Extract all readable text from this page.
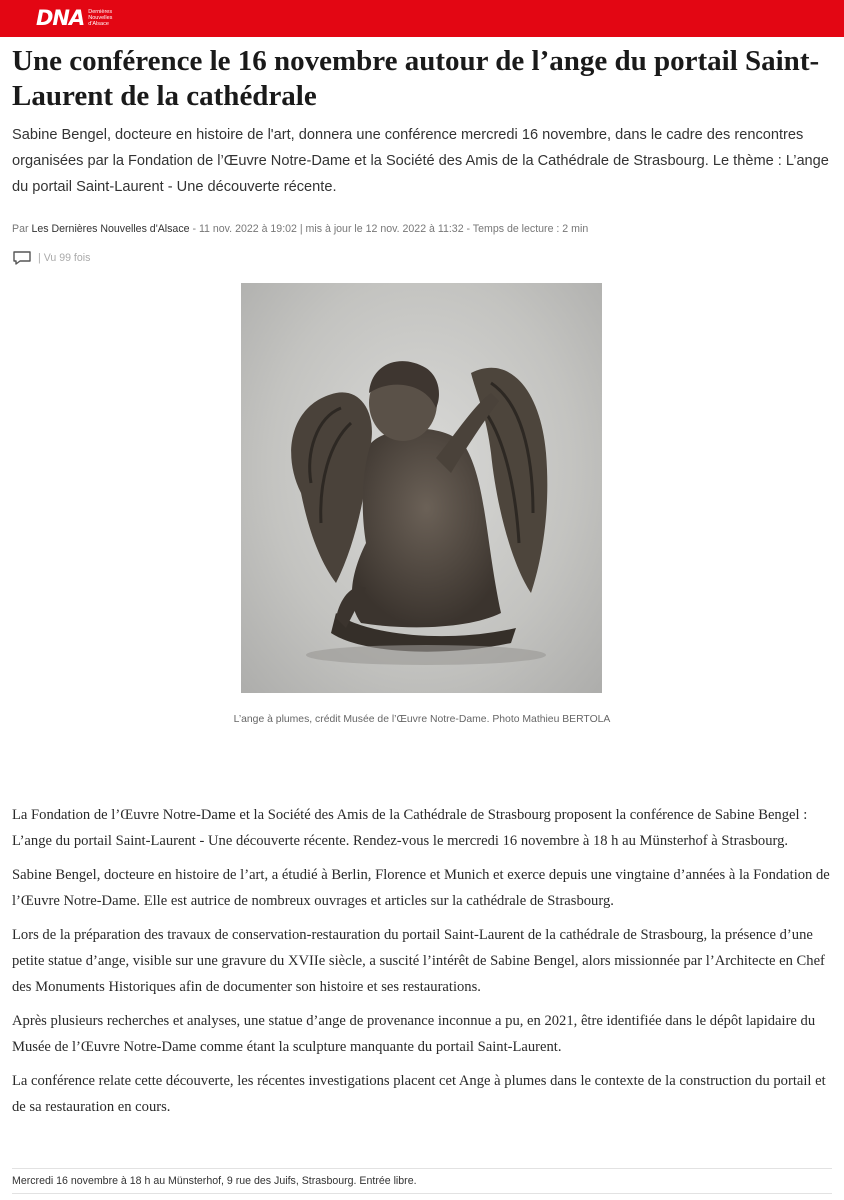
DNA Dernières Nouvelles d'Alsace
Une conférence le 16 novembre autour de l’ange du portail Saint-Laurent de la cathédrale

Sabine Bengel, docteure en histoire de l'art, donnera une conférence mercredi 16 novembre, dans le cadre des rencontres organisées par la Fondation de l’Œuvre Notre-Dame et la Société des Amis de la Cathédrale de Strasbourg. Le thème : L’ange du portail Saint-Laurent - Une découverte récente.

Par Les Dernières Nouvelles d'Alsace - 11 nov. 2022 à 19:02 | mis à jour le 12 nov. 2022 à 11:32 - Temps de lecture : 2 min
| Vu 99 fois
L’ange à plumes, crédit Musée de l’Œuvre Notre-Dame. Photo Mathieu BERTOLA

La Fondation de l’Œuvre Notre-Dame et la Société des Amis de la Cathédrale de Strasbourg proposent la conférence de Sabine Bengel : L’ange du portail Saint-Laurent - Une découverte récente. Rendez-vous le mercredi 16 novembre à 18 h au Münsterhof à Strasbourg.

Sabine Bengel, docteure en histoire de l’art, a étudié à Berlin, Florence et Munich et exerce depuis une vingtaine d’années à la Fondation de l’Œuvre Notre-Dame. Elle est autrice de nombreux ouvrages et articles sur la cathédrale de Strasbourg.

Lors de la préparation des travaux de conservation-restauration du portail Saint-Laurent de la cathédrale de Strasbourg, la présence d’une petite statue d’ange, visible sur une gravure du XVIIe siècle, a suscité l’intérêt de Sabine Bengel, alors missionnée par l’Architecte en Chef des Monuments Historiques afin de documenter son histoire et ses restaurations.

Après plusieurs recherches et analyses, une statue d’ange de provenance inconnue a pu, en 2021, être identifiée dans le dépôt lapidaire du Musée de l’Œuvre Notre-Dame comme étant la sculpture manquante du portail Saint-Laurent.

La conférence relate cette découverte, les récentes investigations placent cet Ange à plumes dans le contexte de la construction du portail et de sa restauration en cours.

Mercredi 16 novembre à 18 h au Münsterhof, 9 rue des Juifs, Strasbourg. Entrée libre.
